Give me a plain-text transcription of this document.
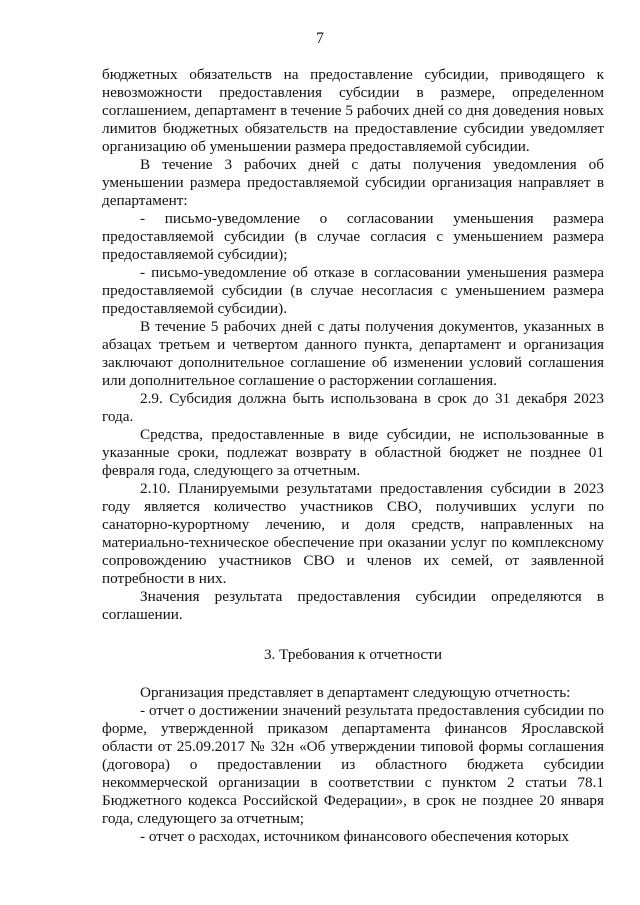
7

бюджетных обязательств на предоставление субсидии, приводящего к невозможности предоставления субсидии в размере, определенном соглашением, департамент в течение 5 рабочих дней со дня доведения новых лимитов бюджетных обязательств на предоставление субсидии уведомляет организацию об уменьшении размера предоставляемой субсидии.

В течение 3 рабочих дней с даты получения уведомления об уменьшении размера предоставляемой субсидии организация направляет в департамент:

- письмо-уведомление о согласовании уменьшения размера предоставляемой субсидии (в случае согласия с уменьшением размера предоставляемой субсидии);

- письмо-уведомление об отказе в согласовании уменьшения размера предоставляемой субсидии (в случае несогласия с уменьшением размера предоставляемой субсидии).

В течение 5 рабочих дней с даты получения документов, указанных в абзацах третьем и четвертом данного пункта, департамент и организация заключают дополнительное соглашение об изменении условий соглашения или дополнительное соглашение о расторжении соглашения.

2.9. Субсидия должна быть использована в срок до 31 декабря 2023 года.

Средства, предоставленные в виде субсидии, не использованные в указанные сроки, подлежат возврату в областной бюджет не позднее 01 февраля года, следующего за отчетным.

2.10. Планируемыми результатами предоставления субсидии в 2023 году является количество участников СВО, получивших услуги по санаторно-курортному лечению, и доля средств, направленных на материально-техническое обеспечение при оказании услуг по комплексному сопровождению участников СВО и членов их семей, от заявленной потребности в них.

Значения результата предоставления субсидии определяются в соглашении.

3. Требования к отчетности

Организация представляет в департамент следующую отчетность:

- отчет о достижении значений результата предоставления субсидии по форме, утвержденной приказом департамента финансов Ярославской области от 25.09.2017 № 32н «Об утверждении типовой формы соглашения (договора) о предоставлении из областного бюджета субсидии некоммерческой организации в соответствии с пунктом 2 статьи 78.1 Бюджетного кодекса Российской Федерации», в срок не позднее 20 января года, следующего за отчетным;

- отчет о расходах, источником финансового обеспечения которых
